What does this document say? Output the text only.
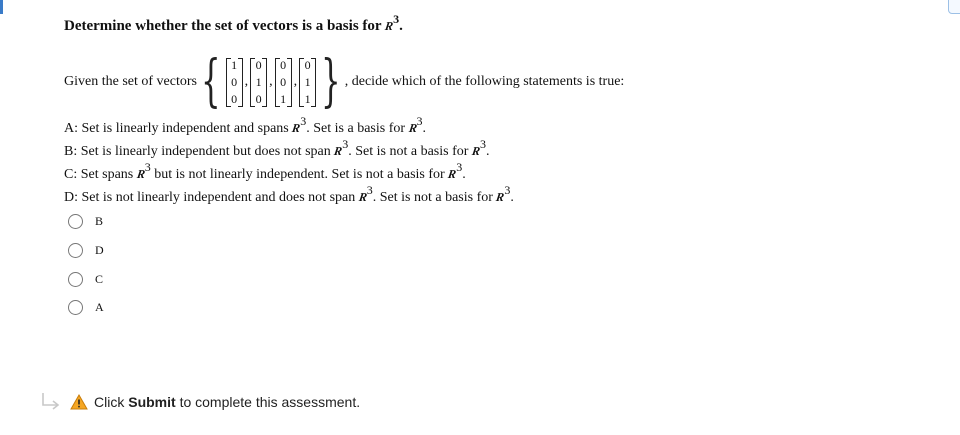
Determine whether the set of vectors is a basis for $R^3$.
Given the set of vectors { 1
0
0
,
0
1
0
,
0
0
1
,
0
1
1 } , decide which of the following statements is true:
A: Set is linearly independent and spans $R^3$. Set is a basis for $R^3$.
B: Set is linearly independent but does not span $R^3$. Set is not a basis for $R^3$.
C: Set spans $R^3$ but is not linearly independent. Set is not a basis for $R^3$.
D: Set is not linearly independent and does not span $R^3$. Set is not a basis for $R^3$.
B
D
C
A
Click Submit to complete this assessment.
